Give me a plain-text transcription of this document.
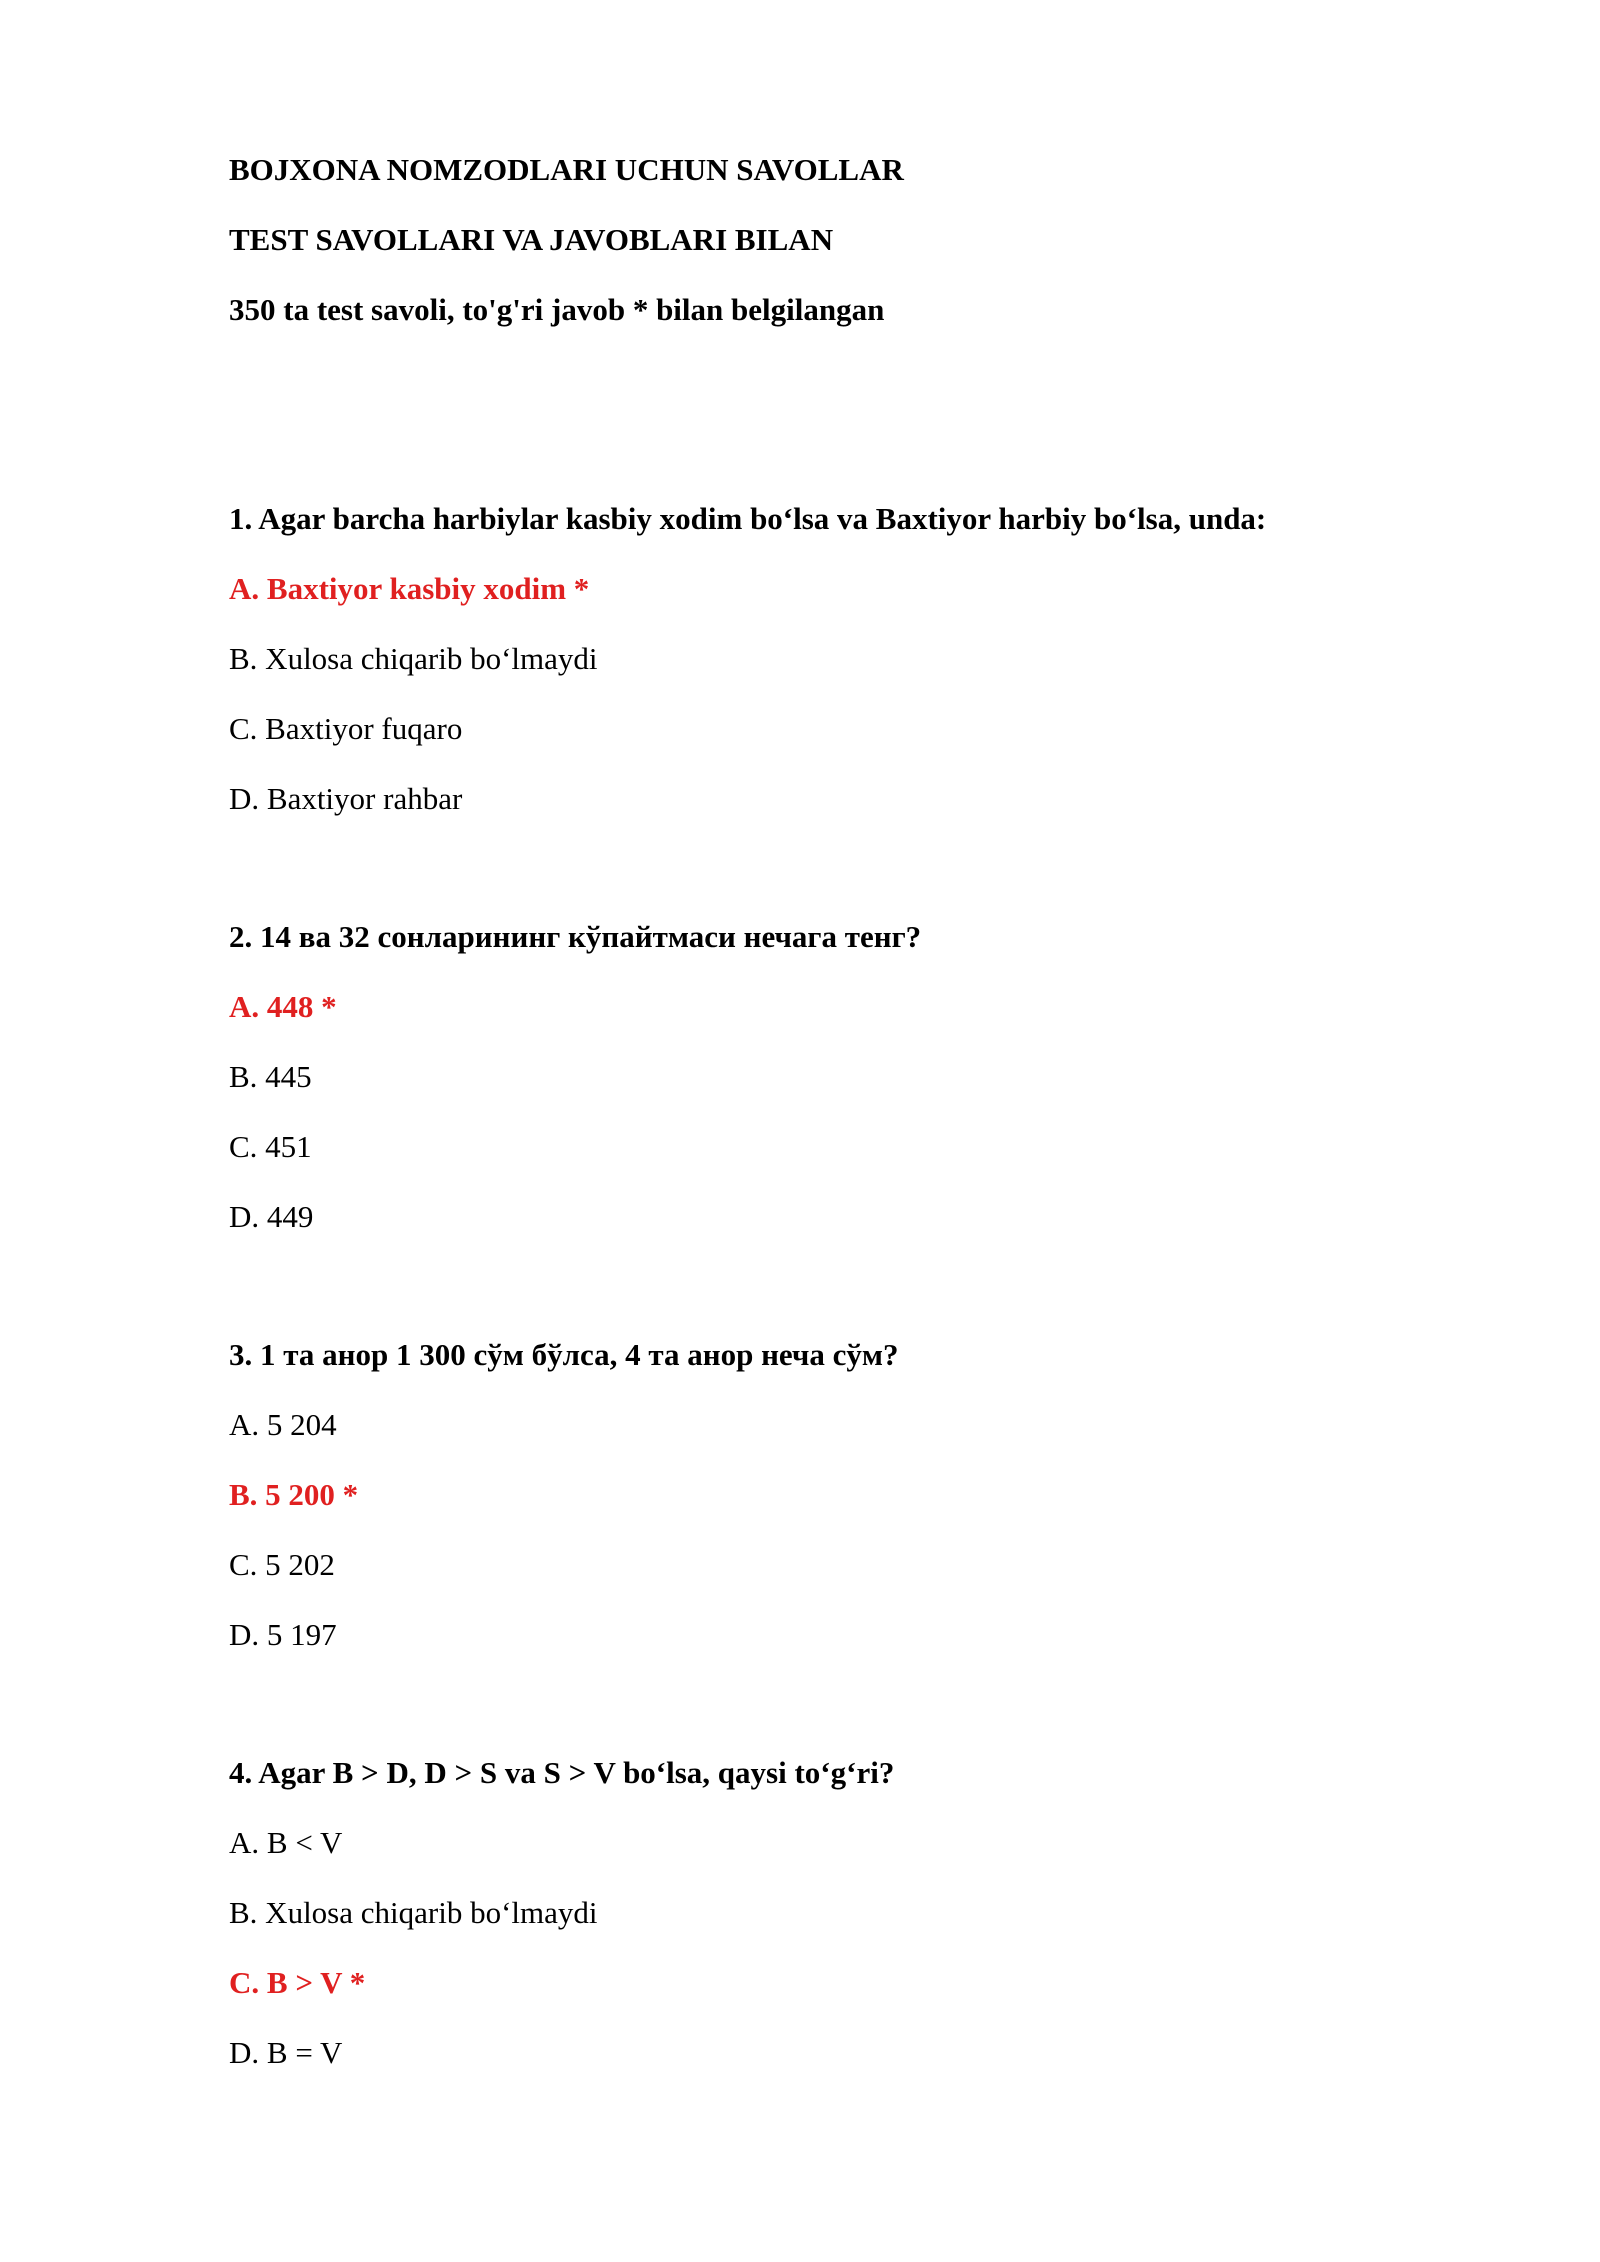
BOJXONA NOMZODLARI UCHUN SAVOLLAR
TEST SAVOLLARI VA JAVOBLARI BILAN
350 ta test savoli, to'g'ri javob * bilan belgilangan
1. Agar barcha harbiylar kasbiy xodim bo‘lsa va Baxtiyor harbiy bo‘lsa, unda:
A. Baxtiyor kasbiy xodim *
B. Xulosa chiqarib bo‘lmaydi
C. Baxtiyor fuqaro
D. Baxtiyor rahbar
2. 14 ва 32 сонларининг кўпайтмаси нечага тенг?
A. 448 *
B. 445
C. 451
D. 449
3. 1 та анор 1 300 сўм бўлса, 4 та анор неча сўм?
A. 5 204
B. 5 200 *
C. 5 202
D. 5 197
4. Agar B > D, D > S va S > V bo‘lsa, qaysi to‘g‘ri?
A. B < V
B. Xulosa chiqarib bo‘lmaydi
C. B > V *
D. B = V
